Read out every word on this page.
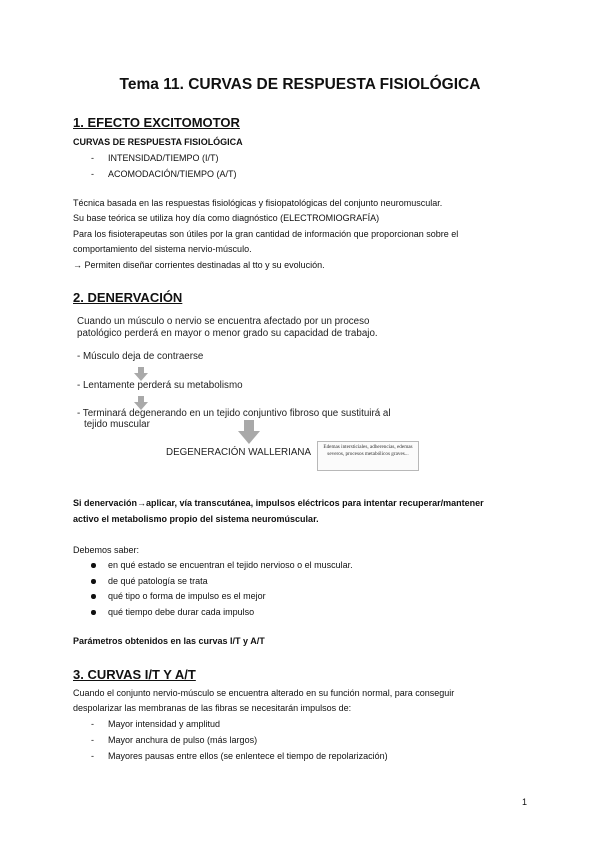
Tema 11. CURVAS DE RESPUESTA FISIOLÓGICA
1. EFECTO EXCITOMOTOR
CURVAS DE RESPUESTA FISIOLÓGICA
- INTENSIDAD/TIEMPO (I/T)
- ACOMODACIÓN/TIEMPO (A/T)
Técnica basada en las respuestas fisiológicas y fisiopatológicas del conjunto neuromuscular.
Su base teórica se utiliza hoy día como diagnóstico (ELECTROMIOGRAFÍA)
Para los fisioterapeutas son útiles por la gran cantidad de información que proporcionan sobre el
comportamiento del sistema nervio-músculo.
→ Permiten diseñar corrientes destinadas al tto y su evolución.
2. DENERVACIÓN
Cuando un músculo o nervio se encuentra afectado por un proceso
patológico perderá en mayor o menor grado su capacidad de trabajo.
- Músculo deja de contraerse
- Lentamente perderá su metabolismo
- Terminará degenerando en un tejido conjuntivo fibroso que sustituirá al
tejido muscular
DEGENERACIÓN WALLERIANA	Edemas intersticiales, adherencias, edemas severos, procesos metabólicos graves...
Si denervación→aplicar, vía transcutánea, impulsos eléctricos para intentar recuperar/mantener
activo el metabolismo propio del sistema neuromúscular.
Debemos saber:
en qué estado se encuentran el tejido nervioso o el muscular.
de qué patología se trata
qué tipo o forma de impulso es el mejor
qué tiempo debe durar cada impulso
Parámetros obtenidos en las curvas I/T y A/T
3. CURVAS I/T Y A/T
Cuando el conjunto nervio-músculo se encuentra alterado en su función normal, para conseguir
despolarizar las membranas de las fibras se necesitarán impulsos de:
- Mayor intensidad y amplitud
- Mayor anchura de pulso (más largos)
- Mayores pausas entre ellos (se enlentece el tiempo de repolarización)
1
